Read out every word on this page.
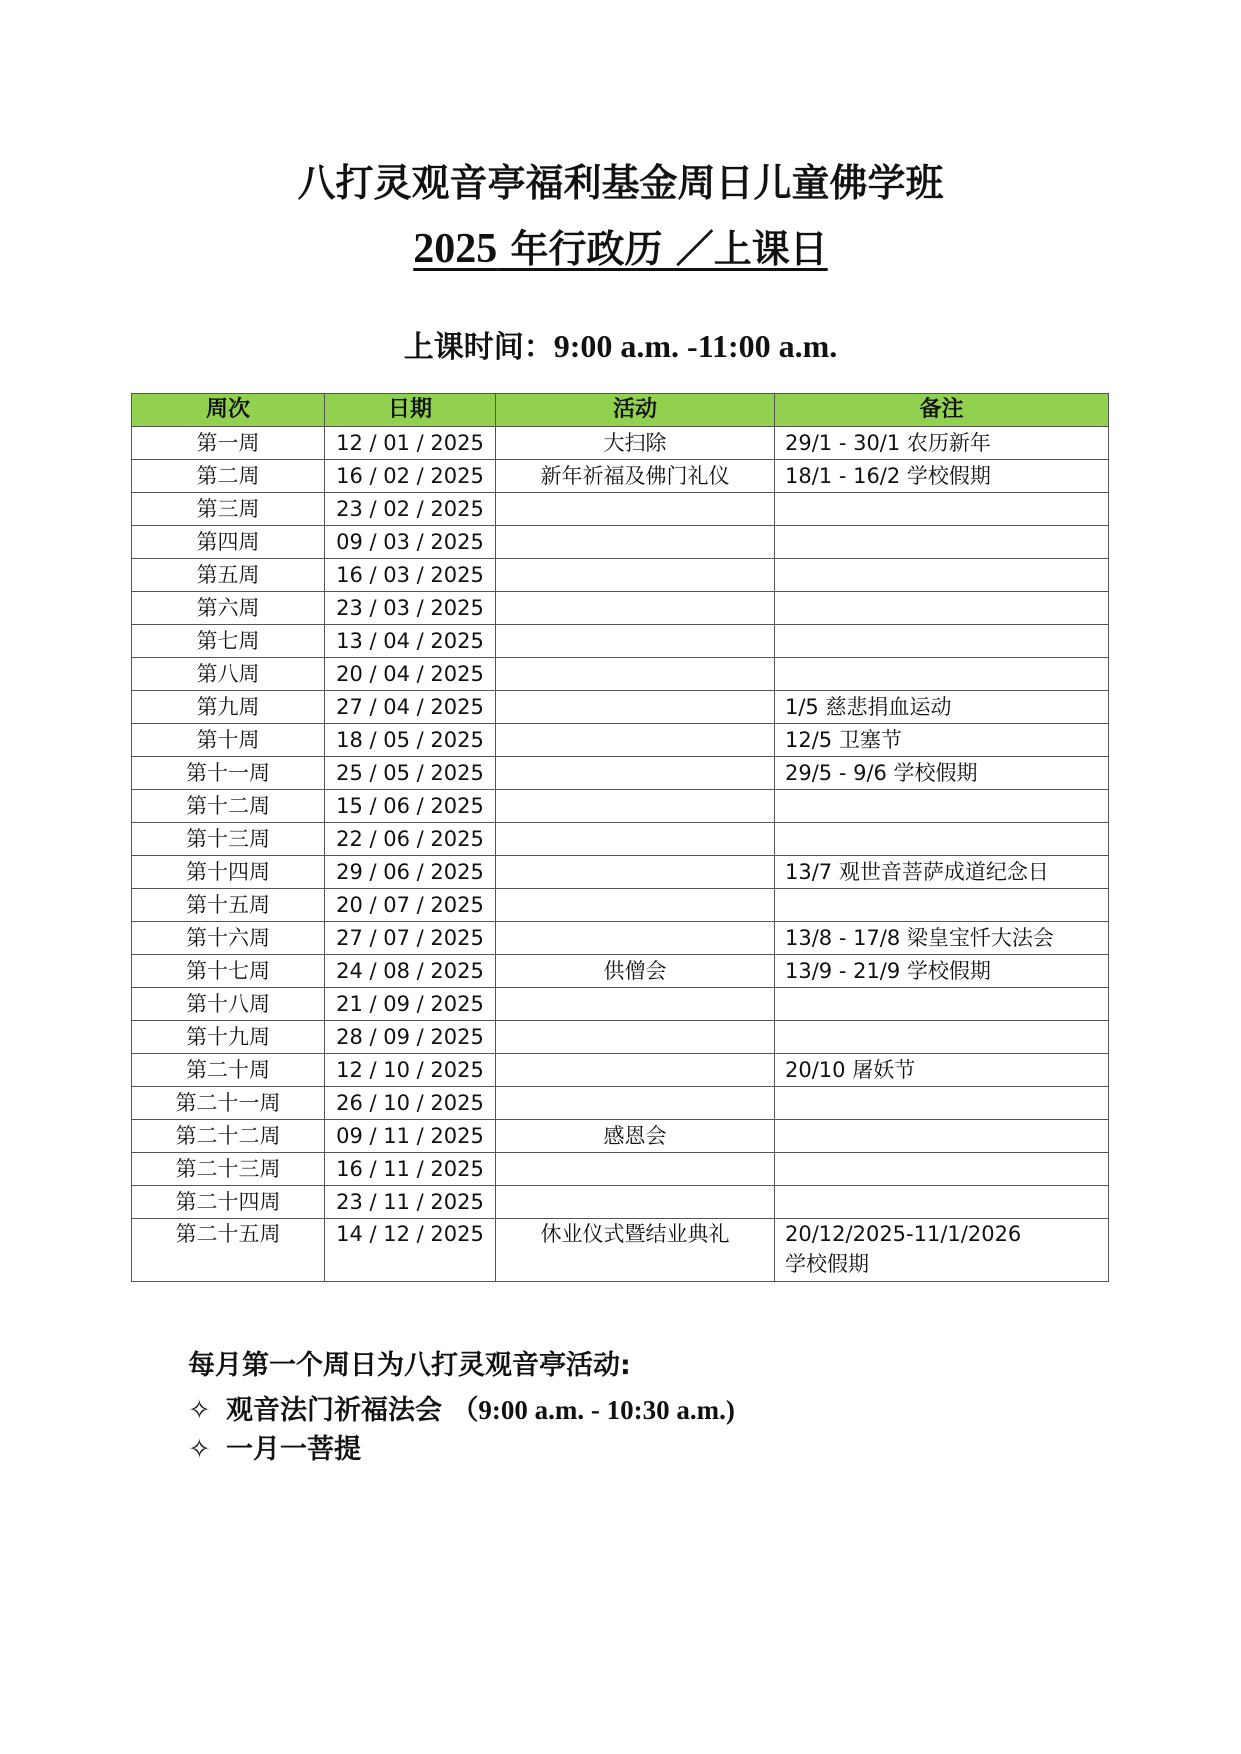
八打灵观音亭福利基金周日儿童佛学班
2025 年行政历 ／上课日
上课时间：9:00 a.m. -11:00 a.m.
周次	日期	活动	备注
第一周	12 / 01 / 2025	大扫除	29/1 - 30/1 农历新年
第二周	16 / 02 / 2025	新年祈福及佛门礼仪	18/1 - 16/2 学校假期
第三周	23 / 02 / 2025		
第四周	09 / 03 / 2025		
第五周	16 / 03 / 2025		
第六周	23 / 03 / 2025		
第七周	13 / 04 / 2025		
第八周	20 / 04 / 2025		
第九周	27 / 04 / 2025		1/5 慈悲捐血运动
第十周	18 / 05 / 2025		12/5 卫塞节
第十一周	25 / 05 / 2025		29/5 - 9/6 学校假期
第十二周	15 / 06 / 2025		
第十三周	22 / 06 / 2025		
第十四周	29 / 06 / 2025		13/7 观世音菩萨成道纪念日
第十五周	20 / 07 / 2025		
第十六周	27 / 07 / 2025		13/8 - 17/8 梁皇宝忏大法会
第十七周	24 / 08 / 2025	供僧会	13/9 - 21/9 学校假期
第十八周	21 / 09 / 2025		
第十九周	28 / 09 / 2025		
第二十周	12 / 10 / 2025		20/10 屠妖节
第二十一周	26 / 10 / 2025		
第二十二周	09 / 11 / 2025	感恩会	
第二十三周	16 / 11 / 2025		
第二十四周	23 / 11 / 2025		
第二十五周	14 / 12 / 2025	休业仪式暨结业典礼	20/12/2025-11/1/2026
学校假期
每月第一个周日为八打灵观音亭活动:
✧ 观音法门祈福法会 （9:00 a.m. - 10:30 a.m.)
✧ 一月一菩提
